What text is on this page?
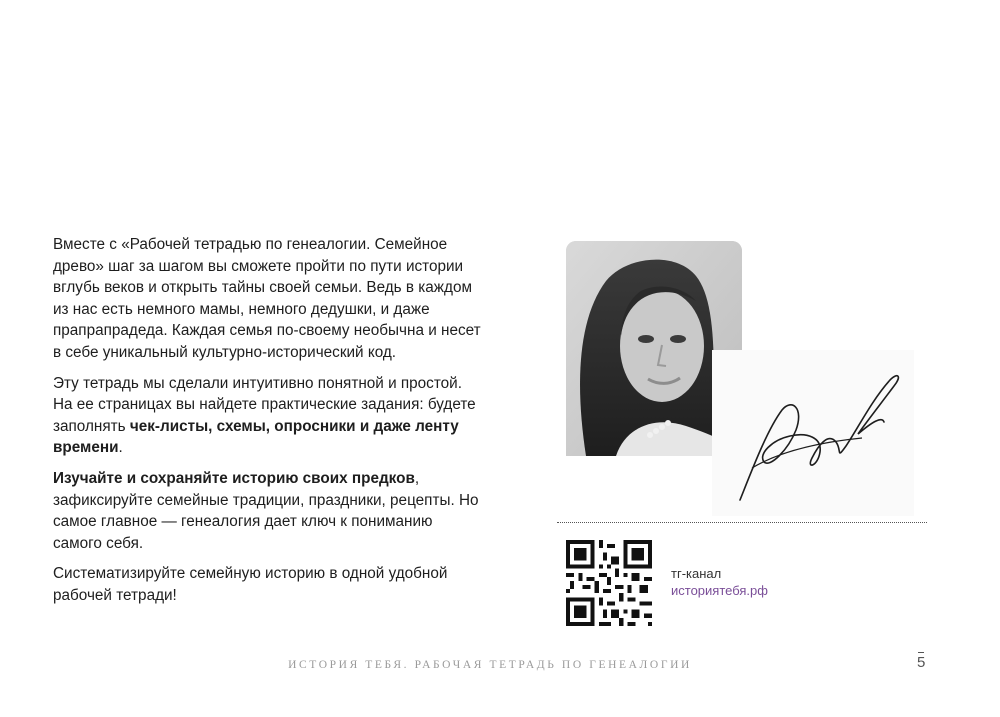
Вместе с «Рабочей тетрадью по генеалогии. Семейное древо» шаг за шагом вы сможете пройти по пути истории вглубь веков и открыть тайны своей семьи. Ведь в каждом из нас есть немного мамы, немного дедушки, и даже прапрапрадеда. Каждая семья по-своему необычна и несет в себе уникальный культурно-исторический код.

Эту тетрадь мы сделали интуитивно понятной и простой. На ее страницах вы найдете практические задания: будете заполнять чек-листы, схемы, опросники и даже ленту времени.

Изучайте и сохраняйте историю своих предков, зафиксируйте семейные традиции, праздники, рецепты. Но самое главное — генеалогия дает ключ к пониманию самого себя.

Систематизируйте семейную историю в одной удобной рабочей тетради!

тг-канал
историятебя.рф
ИСТОРИЯ ТЕБЯ. РАБОЧАЯ ТЕТРАДЬ ПО ГЕНЕАЛОГИИ	5
